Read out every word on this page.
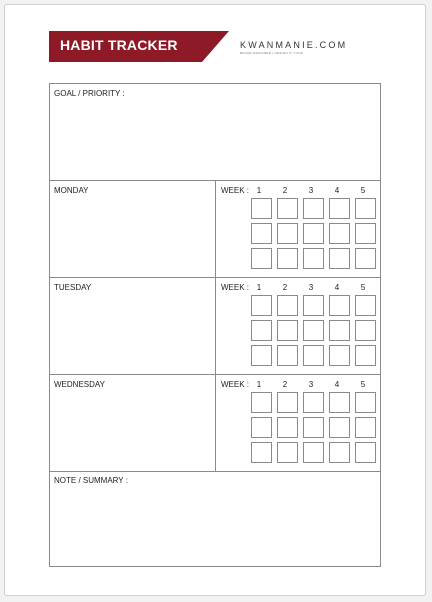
HABIT TRACKER	KWANMANIE.COM
BRAND DESIGNER | DESIGN IT YOUR
GOAL / PRIORITY :
MONDAY	WEEK : 1	2	3	4	5
TUESDAY	WEEK : 1	2	3	4	5
WEDNESDAY	WEEK : 1	2	3	4	5
NOTE / SUMMARY :
